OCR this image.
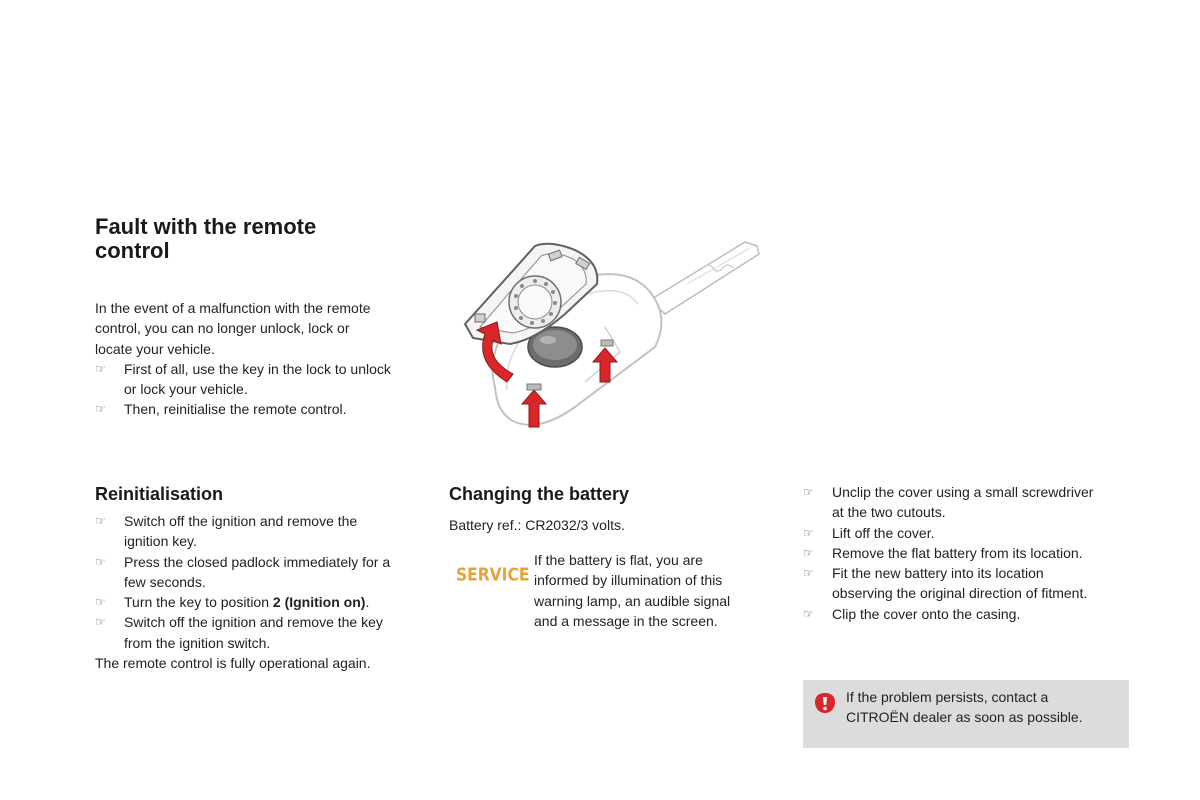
Fault with the remote
control
In the event of a malfunction with the remote
control, you can no longer unlock, lock or
locate your vehicle.
☞ First of all, use the key in the lock to unlock
or lock your vehicle.
☞ Then, reinitialise the remote control.
Reinitialisation
☞ Switch off the ignition and remove the
ignition key.
☞ Press the closed padlock immediately for a
few seconds.
☞ Turn the key to position 2 (Ignition on).
☞ Switch off the ignition and remove the key
from the ignition switch.
The remote control is fully operational again.
Changing the battery
Battery ref.: CR2032/3 volts.
SERVICE
If the battery is flat, you are
informed by illumination of this
warning lamp, an audible signal
and a message in the screen.
☞ Unclip the cover using a small screwdriver
at the two cutouts.
☞ Lift off the cover.
☞ Remove the flat battery from its location.
☞ Fit the new battery into its location
observing the original direction of fitment.
☞ Clip the cover onto the casing.
If the problem persists, contact a
CITROËN dealer as soon as possible.
